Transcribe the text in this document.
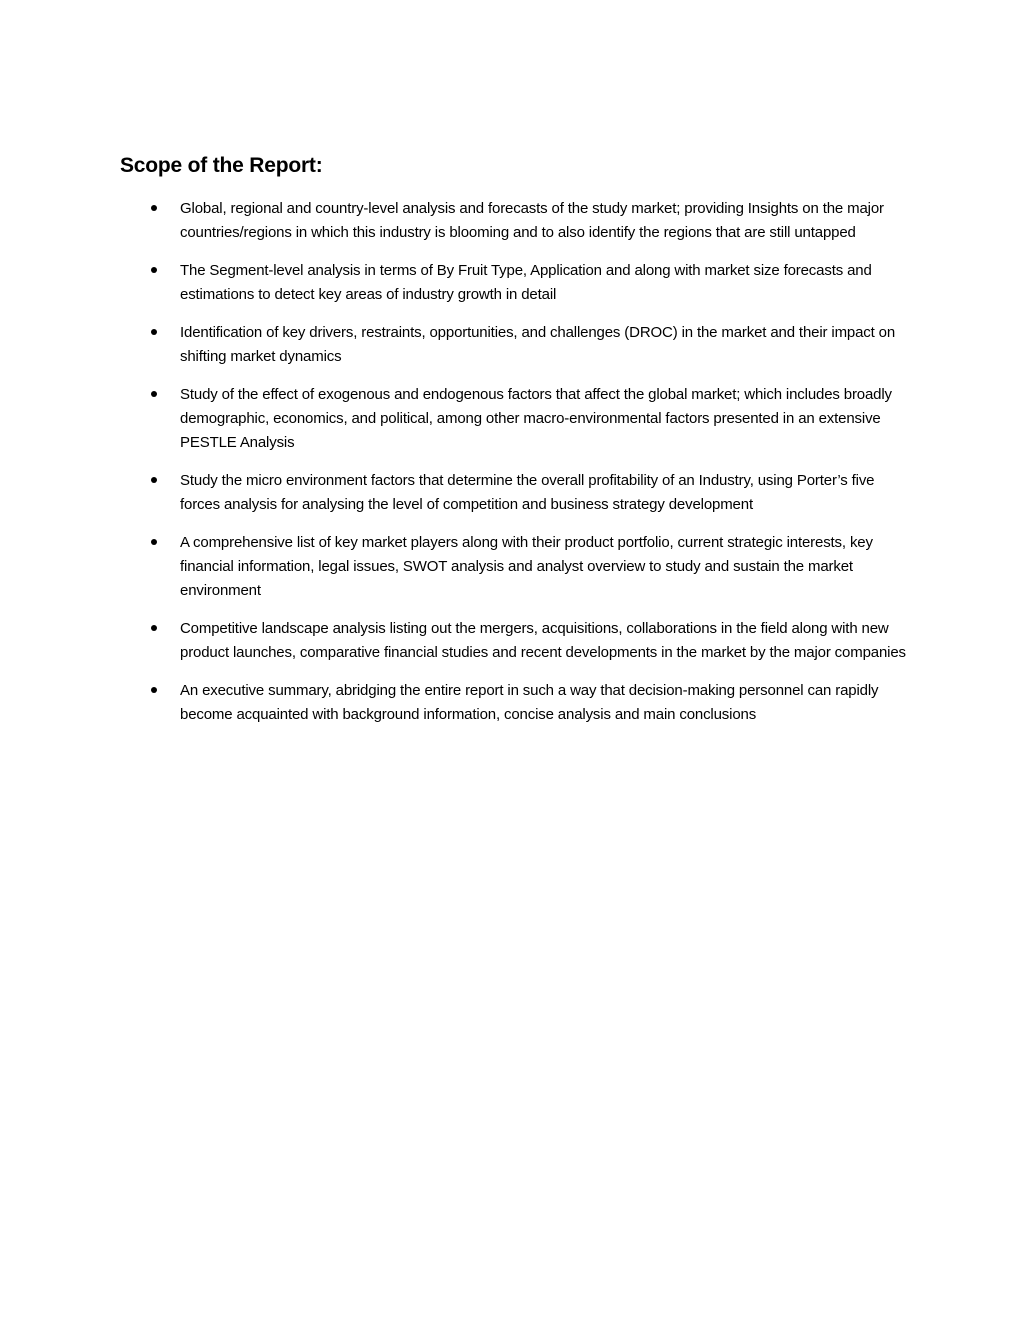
Scope of the Report:
Global, regional and country-level analysis and forecasts of the study market; providing Insights on the major countries/regions in which this industry is blooming and to also identify the regions that are still untapped
The Segment-level analysis in terms of By Fruit Type, Application and along with market size forecasts and estimations to detect key areas of industry growth in detail
Identification of key drivers, restraints, opportunities, and challenges (DROC) in the market and their impact on shifting market dynamics
Study of the effect of exogenous and endogenous factors that affect the global market; which includes broadly demographic, economics, and political, among other macro-environmental factors presented in an extensive PESTLE Analysis
Study the micro environment factors that determine the overall profitability of an Industry, using Porter’s five forces analysis for analysing the level of competition and business strategy development
A comprehensive list of key market players along with their product portfolio, current strategic interests, key financial information, legal issues, SWOT analysis and analyst overview to study and sustain the market environment
Competitive landscape analysis listing out the mergers, acquisitions, collaborations in the field along with new product launches, comparative financial studies and recent developments in the market by the major companies
An executive summary, abridging the entire report in such a way that decision-making personnel can rapidly become acquainted with background information, concise analysis and main conclusions
